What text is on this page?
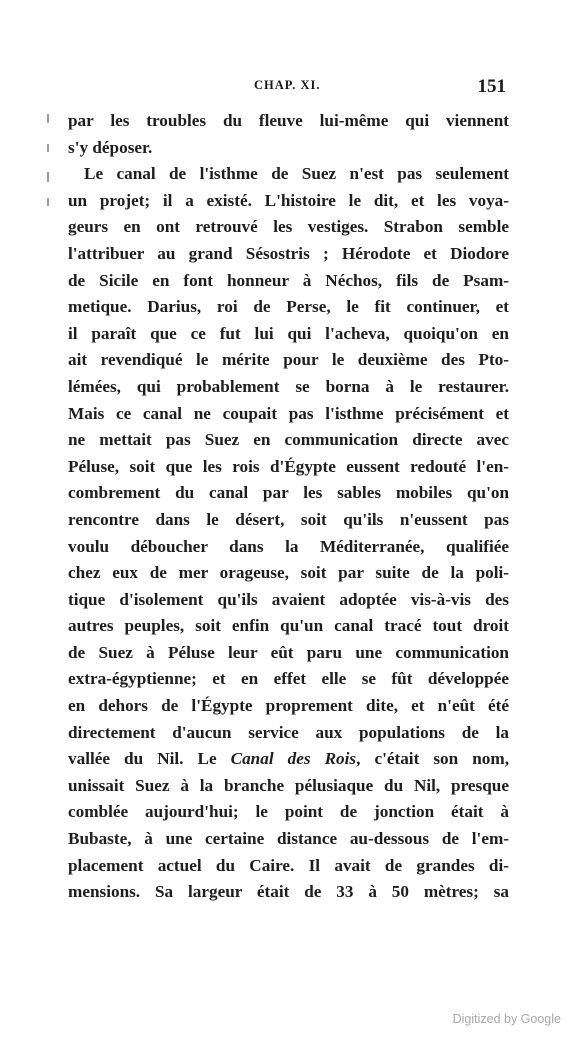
CHAP. XI.	151
par les troubles du fleuve lui-même qui viennent
s'y déposer.
Le canal de l'isthme de Suez n'est pas seulement
un projet; il a existé. L'histoire le dit, et les voya-
geurs en ont retrouvé les vestiges. Strabon semble
l'attribuer au grand Sésostris ; Hérodote et Diodore
de Sicile en font honneur à Néchos, fils de Psam-
metique. Darius, roi de Perse, le fit continuer, et
il paraît que ce fut lui qui l'acheva, quoiqu'on en
ait revendiqué le mérite pour le deuxième des Pto-
lémées, qui probablement se borna à le restaurer.
Mais ce canal ne coupait pas l'isthme précisément et
ne mettait pas Suez en communication directe avec
Péluse, soit que les rois d'Égypte eussent redouté l'en-
combrement du canal par les sables mobiles qu'on
rencontre dans le désert, soit qu'ils n'eussent pas
voulu déboucher dans la Méditerranée, qualifiée
chez eux de mer orageuse, soit par suite de la poli-
tique d'isolement qu'ils avaient adoptée vis-à-vis des
autres peuples, soit enfin qu'un canal tracé tout droit
de Suez à Péluse leur eût paru une communication
extra-égyptienne; et en effet elle se fût développée
en dehors de l'Égypte proprement dite, et n'eût été
directement d'aucun service aux populations de la
vallée du Nil. Le Canal des Rois, c'était son nom,
unissait Suez à la branche pélusiaque du Nil, presque
comblée aujourd'hui; le point de jonction était à
Bubaste, à une certaine distance au-dessous de l'em-
placement actuel du Caire. Il avait de grandes di-
mensions. Sa largeur était de 33 à 50 mètres; sa
Digitized by Google
